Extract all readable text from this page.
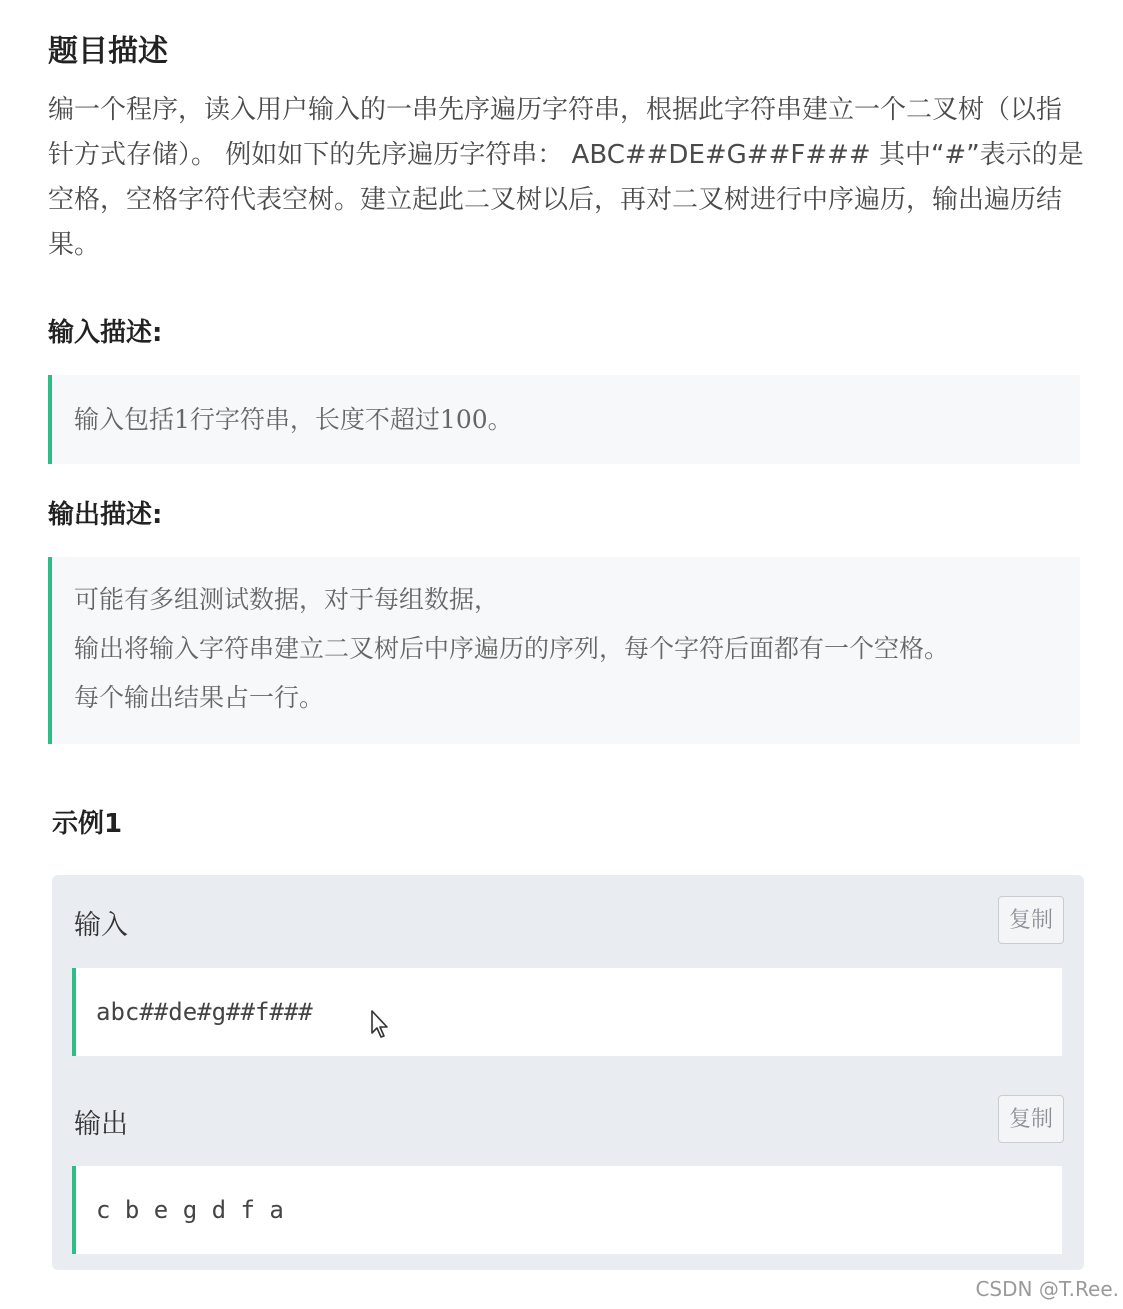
题目描述

编一个程序，读入用户输入的一串先序遍历字符串，根据此字符串建立一个二叉树（以指针方式存储）。 例如如下的先序遍历字符串： ABC##DE#G##F### 其中“#”表示的是空格，空格字符代表空树。建立起此二叉树以后，再对二叉树进行中序遍历，输出遍历结果。

输入描述:
输入包括1行字符串，长度不超过100。
输出描述:
可能有多组测试数据，对于每组数据，
输出将输入字符串建立二叉树后中序遍历的序列，每个字符后面都有一个空格。
每个输出结果占一行。
示例1
输入	复制
abc##de#g##f###
输出	复制
c b e g d f a
CSDN @T.Ree.
